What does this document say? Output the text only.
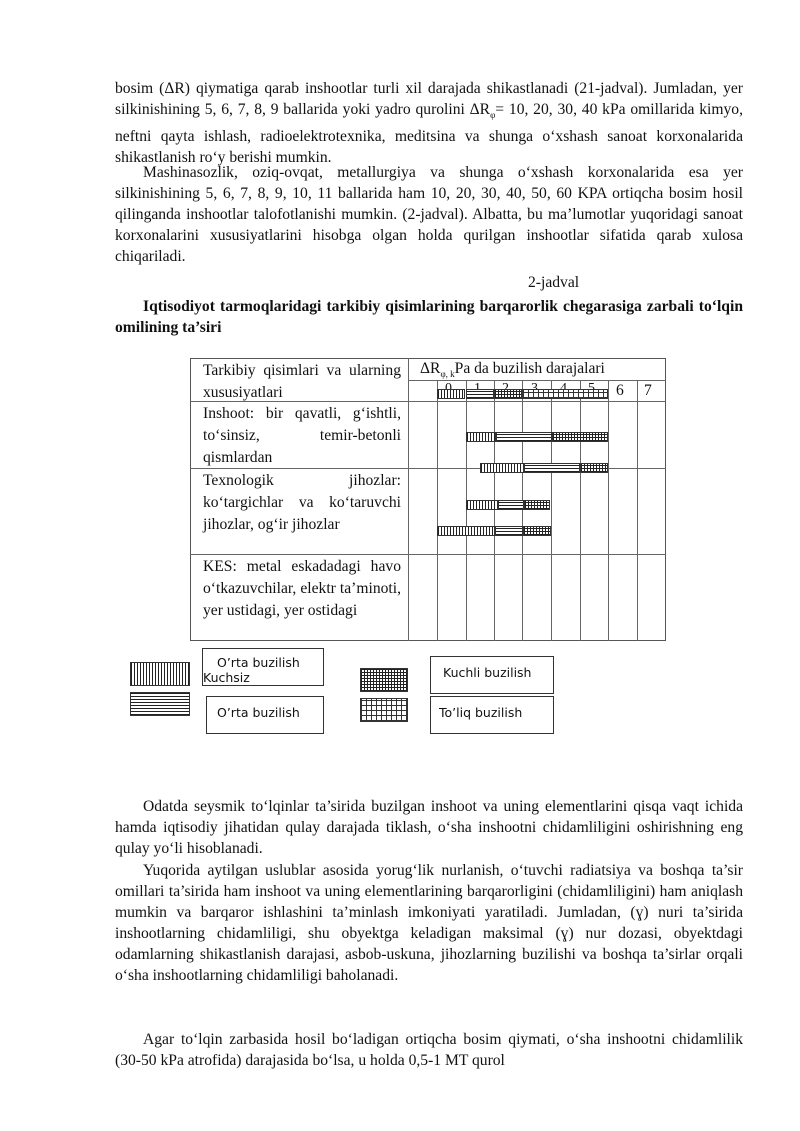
bosim (ΔR) qiymatiga qarab inshootlar turli xil darajada shikastlanadi (21-jadval). Jumladan, yer silkinishining 5, 6, 7, 8, 9 ballarida yoki yadro qurolini $\Delta R_\varphi= 10$, 20, 30, 40 kPa omillarida kimyo, neftni qayta ishlash, radioelektrotexnika, meditsina va shunga o‘xshash sanoat korxonalarida shikastlanish ro‘y berishi mumkin.

Mashinasozlik, oziq-ovqat, metallurgiya va shunga o‘xshash korxonalarida esa yer silkinishining 5, 6, 7, 8, 9, 10, 11 ballarida ham 10, 20, 30, 40, 50, 60 KPA ortiqcha bosim hosil qilinganda inshootlar talofotlanishi mumkin. (2-jadval). Albatta, bu ma’lumotlar yuqoridagi sanoat korxonalarini xususiyatlarini hisobga olgan holda qurilgan inshootlar sifatida qarab xulosa chiqariladi.

2-jadval

Iqtisodiyot tarmoqlaridagi tarkibiy qisimlarining barqarorlik chegarasiga zarbali to‘lqin omilining ta’siri

Tarkibiy qisimlari va ularning xususiyatlari
$\Delta R_{\varphi, k}Pa$ da buzilish darajalari
6 7
Inshoot: bir qavatli, g‘ishtli, to‘sinsiz, temir-betonli qismlardan
Texnologik jihozlar: ko‘targichlar va ko‘taruvchi jihozlar, og‘ir jihozlar
KES: metal eskadadagi havo o‘tkazuvchilar, elektr ta’minoti, yer ustidagi, yer ostidagi
O’rta buzilish
Kuchsiz
O’rta buzilish
Kuchli buzilish
To’liq buzilish

Odatda seysmik to‘lqinlar ta’sirida buzilgan inshoot va uning elementlarini qisqa vaqt ichida hamda iqtisodiy jihatidan qulay darajada tiklash, o‘sha inshootni chidamliligini oshirishning eng qulay yo‘li hisoblanadi.

Yuqorida aytilgan uslublar asosida yorug‘lik nurlanish, o‘tuvchi radiatsiya va boshqa ta’sir omillari ta’sirida ham inshoot va uning elementlarining barqarorligini (chidamliligini) ham aniqlash mumkin va barqaror ishlashini ta’minlash imkoniyati yaratiladi. Jumladan, (ɣ) nuri ta’sirida inshootlarning chidamliligi, shu obyektga keladigan maksimal (ɣ) nur dozasi, obyektdagi odamlarning shikastlanish darajasi, asbob-uskuna, jihozlarning buzilishi va boshqa ta’sirlar orqali o‘sha inshootlarning chidamliligi baholanadi.

Agar to‘lqin zarbasida hosil bo‘ladigan ortiqcha bosim qiymati, o‘sha inshootni chidamlilik (30-50 kPa atrofida) darajasida bo‘lsa, u holda 0,5-1 MT qurol
